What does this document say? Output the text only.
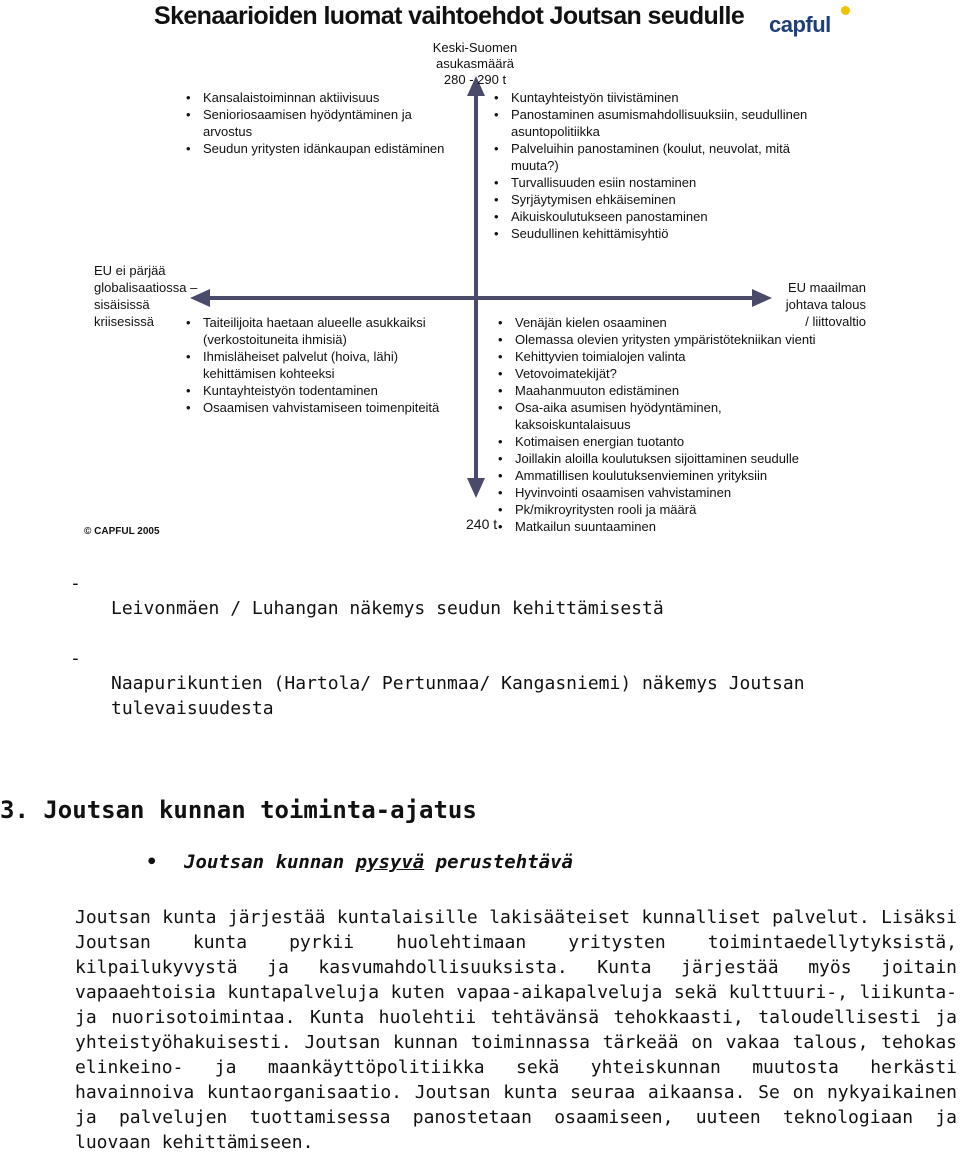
Skenaarioiden luomat vaihtoehdot Joutsan seudulle capful
Keski-Suomen
asukasmäärä
280 - 290 t
240 t
EU ei pärjää
globalisaatiossa –
sisäisissä
kriisesissä
EU maailman
johtava talous
/ liittovaltio
© CAPFUL 2005
• Kansalaistoiminnan aktiivisuus
• Senioriosaamisen hyödyntäminen ja
arvostus
• Seudun yritysten idänkaupan edistäminen
• Kuntayhteistyön tiivistäminen
• Panostaminen asumismahdollisuuksiin, seudullinen
asuntopolitiikka
• Palveluihin panostaminen (koulut, neuvolat, mitä
muuta?)
• Turvallisuuden esiin nostaminen
• Syrjäytymisen ehkäiseminen
• Aikuiskoulutukseen panostaminen
• Seudullinen kehittämisyhtiö
• Taiteilijoita haetaan alueelle asukkaiksi
(verkostoituneita ihmisiä)
• Ihmisläheiset palvelut (hoiva, lähi)
kehittämisen kohteeksi
• Kuntayhteistyön todentaminen
• Osaamisen vahvistamiseen toimenpiteitä
• Venäjän kielen osaaminen
• Olemassa olevien yritysten ympäristötekniikan vienti
• Kehittyvien toimialojen valinta
• Vetovoimatekijät?
• Maahanmuuton edistäminen
• Osa-aika asumisen hyödyntäminen,
kaksoiskuntalaisuus
• Kotimaisen energian tuotanto
• Joillakin aloilla koulutuksen sijoittaminen seudulle
• Ammatillisen koulutuksenvieminen yrityksiin
• Hyvinvointi osaamisen vahvistaminen
• Pk/mikroyritysten rooli ja määrä
• Matkailun suuntaaminen

-
Leivonmäen / Luhangan näkemys seudun kehittämisestä

-
Naapurikuntien (Hartola/ Pertunmaa/ Kangasniemi) näkemys Joutsan
tulevaisuudesta

3. Joutsan kunnan toiminta-ajatus
• Joutsan kunnan pysyvä perustehtävä
Joutsan kunta järjestää kuntalaisille lakisääteiset kunnalliset palvelut. Lisäksi Joutsan kunta pyrkii huolehtimaan yritysten toimintaedellytyksistä, kilpailukyvystä ja kasvumahdollisuuksista. Kunta järjestää myös joitain vapaaehtoisia kuntapalveluja kuten vapaa-aikapalveluja sekä kulttuuri-, liikunta- ja nuorisotoimintaa. Kunta huolehtii tehtävänsä tehokkaasti, taloudellisesti ja yhteistyöhakuisesti. Joutsan kunnan toiminnassa tärkeää on vakaa talous, tehokas elinkeino- ja maankäyttöpolitiikka sekä yhteiskunnan muutosta herkästi havainnoiva kuntaorganisaatio. Joutsan kunta seuraa aikaansa. Se on nykyaikainen ja palvelujen tuottamisessa panostetaan osaamiseen, uuteen teknologiaan ja luovaan kehittämiseen.
